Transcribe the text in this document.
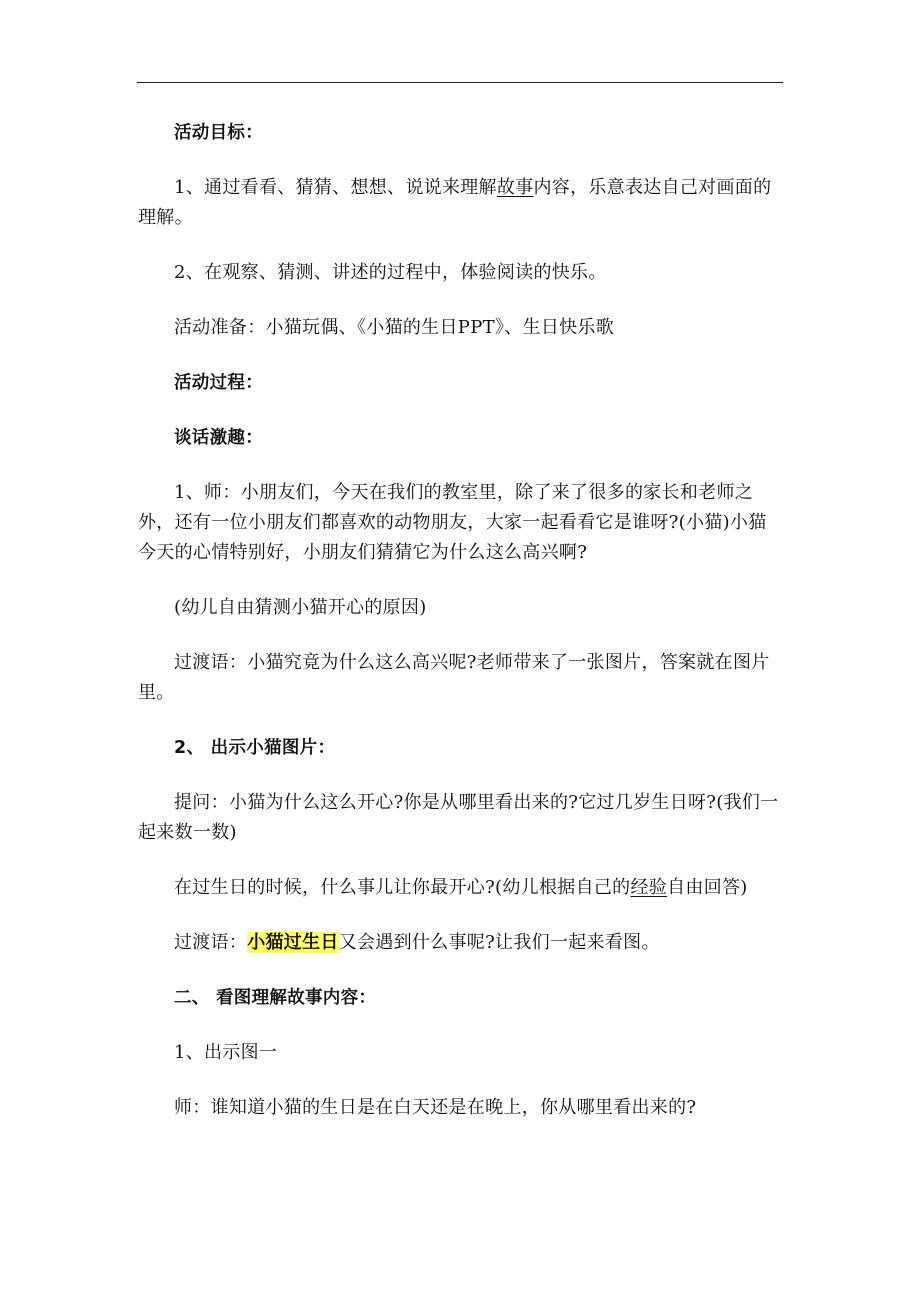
活动目标：

1、通过看看、猜猜、想想、说说来理解故事内容，乐意表达自己对画面的理解。

2、在观察、猜测、讲述的过程中，体验阅读的快乐。

活动准备：小猫玩偶、《小猫的生日PPT》、生日快乐歌

活动过程：

谈话激趣：

1、师：小朋友们，今天在我们的教室里，除了来了很多的家长和老师之外，还有一位小朋友们都喜欢的动物朋友，大家一起看看它是谁呀?(小猫)小猫今天的心情特别好，小朋友们猜猜它为什么这么高兴啊?

(幼儿自由猜测小猫开心的原因)

过渡语：小猫究竟为什么这么高兴呢?老师带来了一张图片，答案就在图片里。

2、 出示小猫图片：

提问：小猫为什么这么开心?你是从哪里看出来的?它过几岁生日呀?(我们一起来数一数)

在过生日的时候，什么事儿让你最开心?(幼儿根据自己的经验自由回答)

过渡语：小猫过生日又会遇到什么事呢?让我们一起来看图。

二、 看图理解故事内容：

1、出示图一

师：谁知道小猫的生日是在白天还是在晚上，你从哪里看出来的?
